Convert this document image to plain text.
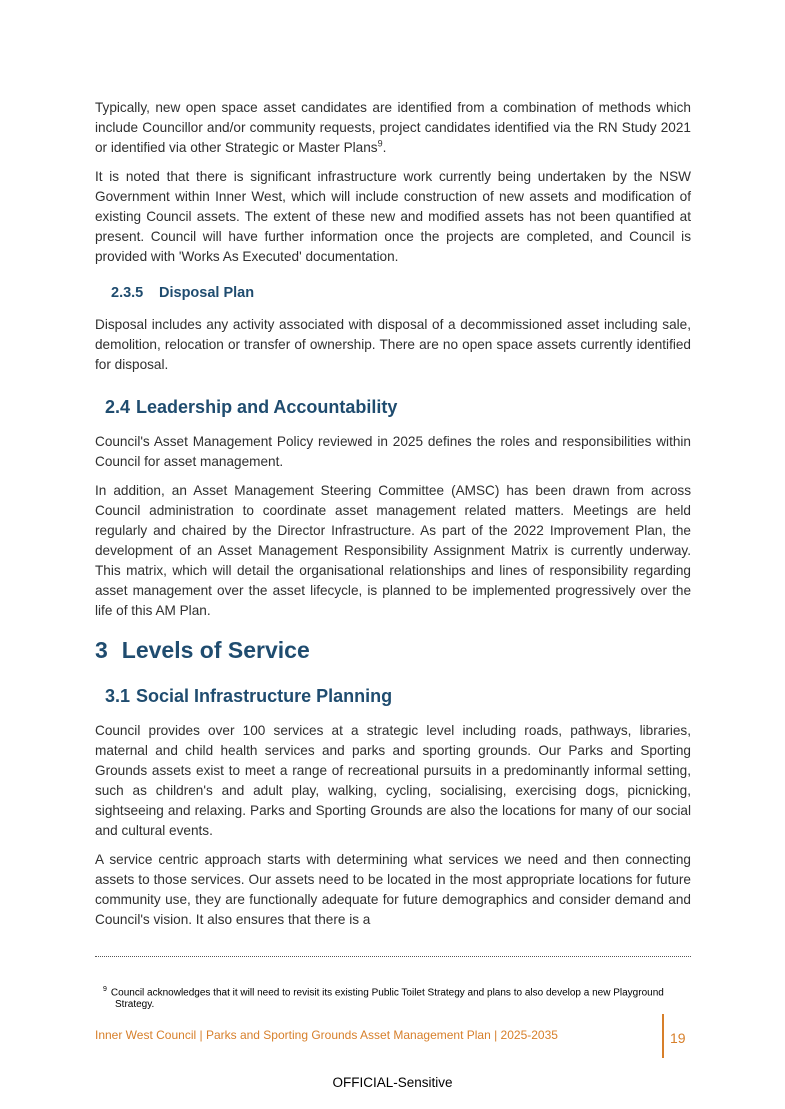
Typically, new open space asset candidates are identified from a combination of methods which include Councillor and/or community requests, project candidates identified via the RN Study 2021 or identified via other Strategic or Master Plans$^9$.

It is noted that there is significant infrastructure work currently being undertaken by the NSW Government within Inner West, which will include construction of new assets and modification of existing Council assets. The extent of these new and modified assets has not been quantified at present. Council will have further information once the projects are completed, and Council is provided with 'Works As Executed' documentation.

2.3.5	Disposal Plan

Disposal includes any activity associated with disposal of a decommissioned asset including sale, demolition, relocation or transfer of ownership. There are no open space assets currently identified for disposal.

2.4 Leadership and Accountability

Council's Asset Management Policy reviewed in 2025 defines the roles and responsibilities within Council for asset management.

In addition, an Asset Management Steering Committee (AMSC) has been drawn from across Council administration to coordinate asset management related matters. Meetings are held regularly and chaired by the Director Infrastructure. As part of the 2022 Improvement Plan, the development of an Asset Management Responsibility Assignment Matrix is currently underway. This matrix, which will detail the organisational relationships and lines of responsibility regarding asset management over the asset lifecycle, is planned to be implemented progressively over the life of this AM Plan.

3 Levels of Service
3.1 Social Infrastructure Planning

Council provides over 100 services at a strategic level including roads, pathways, libraries, maternal and child health services and parks and sporting grounds. Our Parks and Sporting Grounds assets exist to meet a range of recreational pursuits in a predominantly informal setting, such as children's and adult play, walking, cycling, socialising, exercising dogs, picnicking, sightseeing and relaxing. Parks and Sporting Grounds are also the locations for many of our social and cultural events.

A service centric approach starts with determining what services we need and then connecting assets to those services. Our assets need to be located in the most appropriate locations for future community use, they are functionally adequate for future demographics and consider demand and Council's vision. It also ensures that there is a

$^9$ Council acknowledges that it will need to revisit its existing Public Toilet Strategy and plans to also develop a new Playground Strategy.
Inner West Council | Parks and Sporting Grounds Asset Management Plan | 2025-2035	19
OFFICIAL-Sensitive
